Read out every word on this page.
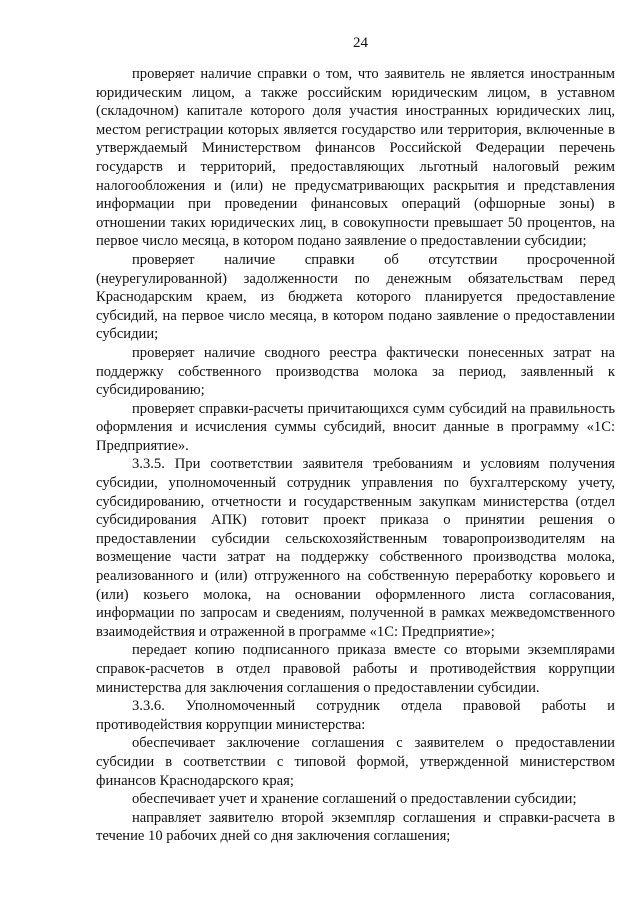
24

проверяет наличие справки о том, что заявитель не является иностранным юридическим лицом, а также российским юридическим лицом, в уставном (складочном) капитале которого доля участия иностранных юридических лиц, местом регистрации которых является государство или территория, включенные в утверждаемый Министерством финансов Российской Федерации перечень государств и территорий, предоставляющих льготный налоговый режим налогообложения и (или) не предусматривающих раскрытия и представления информации при проведении финансовых операций (офшорные зоны) в отношении таких юридических лиц, в совокупности превышает 50 процентов, на первое число месяца, в котором подано заявление о предоставлении субсидии;

проверяет наличие справки об отсутствии просроченной (неурегулированной) задолженности по денежным обязательствам перед Краснодарским краем, из бюджета которого планируется предоставление субсидий, на первое число месяца, в котором подано заявление о предоставлении субсидии;

проверяет наличие сводного реестра фактически понесенных затрат на поддержку собственного производства молока за период, заявленный к субсидированию;

проверяет справки-расчеты причитающихся сумм субсидий на правильность оформления и исчисления суммы субсидий, вносит данные в программу «1С: Предприятие».

3.3.5. При соответствии заявителя требованиям и условиям получения субсидии, уполномоченный сотрудник управления по бухгалтерскому учету, субсидированию, отчетности и государственным закупкам министерства (отдел субсидирования АПК) готовит проект приказа о принятии решения о предоставлении субсидии сельскохозяйственным товаропроизводителям на возмещение части затрат на поддержку собственного производства молока, реализованного и (или) отгруженного на собственную переработку коровьего и (или) козьего молока, на основании оформленного листа согласования, информации по запросам и сведениям, полученной в рамках межведомственного взаимодействия и отраженной в программе «1С: Предприятие»;

передает копию подписанного приказа вместе со вторыми экземплярами справок-расчетов в отдел правовой работы и противодействия коррупции министерства для заключения соглашения о предоставлении субсидии.

3.3.6. Уполномоченный сотрудник отдела правовой работы и противодействия коррупции министерства:

обеспечивает заключение соглашения с заявителем о предоставлении субсидии в соответствии с типовой формой, утвержденной министерством финансов Краснодарского края;

обеспечивает учет и хранение соглашений о предоставлении субсидии;

направляет заявителю второй экземпляр соглашения и справки-расчета в течение 10 рабочих дней со дня заключения соглашения;
